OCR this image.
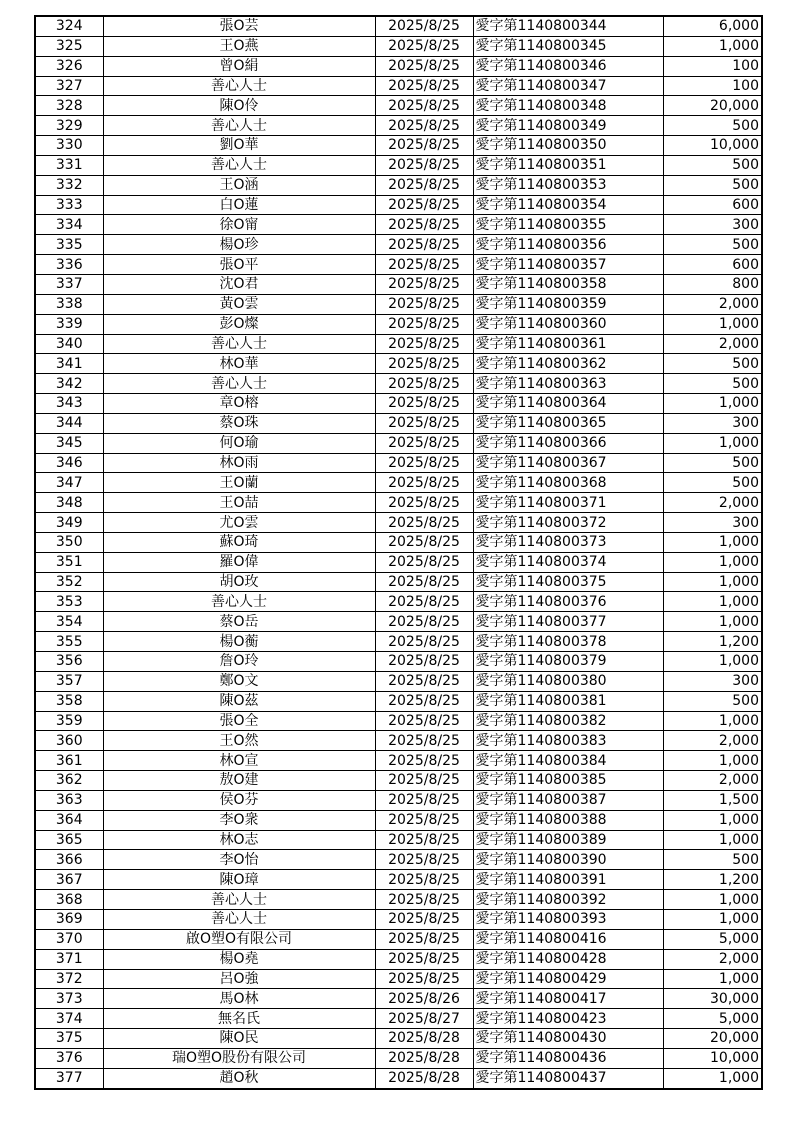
324	張O芸	2025/8/25	愛字第1140800344	6,000
325	王O燕	2025/8/25	愛字第1140800345	1,000
326	曾O絹	2025/8/25	愛字第1140800346	100
327	善心人士	2025/8/25	愛字第1140800347	100
328	陳O伶	2025/8/25	愛字第1140800348	20,000
329	善心人士	2025/8/25	愛字第1140800349	500
330	劉O華	2025/8/25	愛字第1140800350	10,000
331	善心人士	2025/8/25	愛字第1140800351	500
332	王O涵	2025/8/25	愛字第1140800353	500
333	白O蓮	2025/8/25	愛字第1140800354	600
334	徐O甯	2025/8/25	愛字第1140800355	300
335	楊O珍	2025/8/25	愛字第1140800356	500
336	張O平	2025/8/25	愛字第1140800357	600
337	沈O君	2025/8/25	愛字第1140800358	800
338	黃O雲	2025/8/25	愛字第1140800359	2,000
339	彭O燦	2025/8/25	愛字第1140800360	1,000
340	善心人士	2025/8/25	愛字第1140800361	2,000
341	林O華	2025/8/25	愛字第1140800362	500
342	善心人士	2025/8/25	愛字第1140800363	500
343	章O榕	2025/8/25	愛字第1140800364	1,000
344	蔡O珠	2025/8/25	愛字第1140800365	300
345	何O瑜	2025/8/25	愛字第1140800366	1,000
346	林O雨	2025/8/25	愛字第1140800367	500
347	王O蘭	2025/8/25	愛字第1140800368	500
348	王O喆	2025/8/25	愛字第1140800371	2,000
349	尤O雲	2025/8/25	愛字第1140800372	300
350	蘇O琦	2025/8/25	愛字第1140800373	1,000
351	羅O偉	2025/8/25	愛字第1140800374	1,000
352	胡O玫	2025/8/25	愛字第1140800375	1,000
353	善心人士	2025/8/25	愛字第1140800376	1,000
354	蔡O岳	2025/8/25	愛字第1140800377	1,000
355	楊O蘅	2025/8/25	愛字第1140800378	1,200
356	詹O玲	2025/8/25	愛字第1140800379	1,000
357	鄭O文	2025/8/25	愛字第1140800380	300
358	陳O茲	2025/8/25	愛字第1140800381	500
359	張O全	2025/8/25	愛字第1140800382	1,000
360	王O然	2025/8/25	愛字第1140800383	2,000
361	林O宣	2025/8/25	愛字第1140800384	1,000
362	敖O建	2025/8/25	愛字第1140800385	2,000
363	侯O芬	2025/8/25	愛字第1140800387	1,500
364	李O衆	2025/8/25	愛字第1140800388	1,000
365	林O志	2025/8/25	愛字第1140800389	1,000
366	李O怡	2025/8/25	愛字第1140800390	500
367	陳O璋	2025/8/25	愛字第1140800391	1,200
368	善心人士	2025/8/25	愛字第1140800392	1,000
369	善心人士	2025/8/25	愛字第1140800393	1,000
370	啟O塑O有限公司	2025/8/25	愛字第1140800416	5,000
371	楊O堯	2025/8/25	愛字第1140800428	2,000
372	呂O強	2025/8/25	愛字第1140800429	1,000
373	馬O林	2025/8/26	愛字第1140800417	30,000
374	無名氏	2025/8/27	愛字第1140800423	5,000
375	陳O民	2025/8/28	愛字第1140800430	20,000
376	瑞O塑O股份有限公司	2025/8/28	愛字第1140800436	10,000
377	趙O秋	2025/8/28	愛字第1140800437	1,000
